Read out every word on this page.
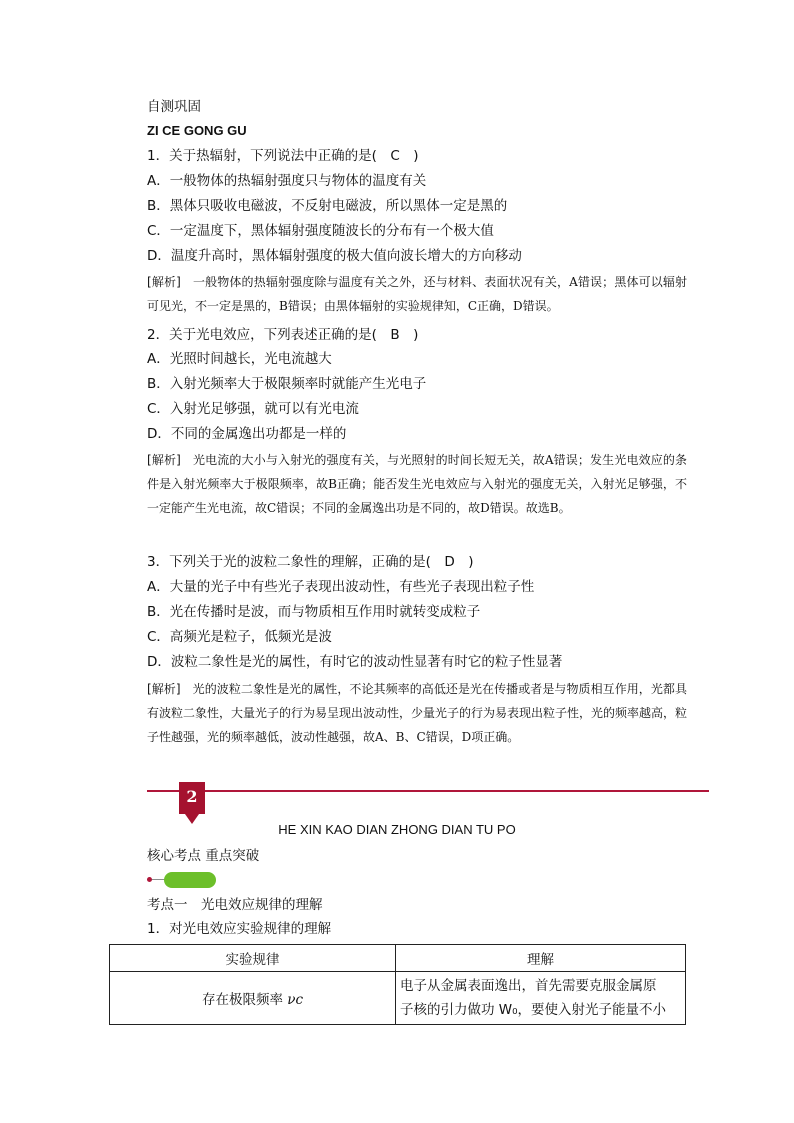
自测巩固
ZI CE GONG GU
1．关于热辐射，下列说法中正确的是(　C　)
A．一般物体的热辐射强度只与物体的温度有关
B．黑体只吸收电磁波，不反射电磁波，所以黑体一定是黑的
C．一定温度下，黑体辐射强度随波长的分布有一个极大值
D．温度升高时，黑体辐射强度的极大值向波长增大的方向移动
[解析]　 一般物体的热辐射强度除与温度有关之外，还与材料、表面状况有关，A错误；黑体可以辐射可见光，不一定是黑的，B错误；由黑体辐射的实验规律知，C正确，D错误。
2．关于光电效应，下列表述正确的是(　B　)
A．光照时间越长，光电流越大
B．入射光频率大于极限频率时就能产生光电子
C．入射光足够强，就可以有光电流
D．不同的金属逸出功都是一样的
[解析]　 光电流的大小与入射光的强度有关，与光照射的时间长短无关，故A错误；发生光电效应的条件是入射光频率大于极限频率，故B正确；能否发生光电效应与入射光的强度无关，入射光足够强，不一定能产生光电流，故C错误；不同的金属逸出功是不同的，故D错误。故选B。
3．下列关于光的波粒二象性的理解，正确的是(　D　)
A．大量的光子中有些光子表现出波动性，有些光子表现出粒子性
B．光在传播时是波，而与物质相互作用时就转变成粒子
C．高频光是粒子，低频光是波
D．波粒二象性是光的属性，有时它的波动性显著有时它的粒子性显著
[解析]　 光的波粒二象性是光的属性，不论其频率的高低还是光在传播或者是与物质相互作用，光都具有波粒二象性，大量光子的行为易呈现出波动性，少量光子的行为易表现出粒子性，光的频率越高，粒子性越强，光的频率越低，波动性越强，故A、B、C错误，D项正确。
2
HE XIN KAO DIAN ZHONG DIAN TU PO
核心考点 重点突破
考点一　光电效应规律的理解
1．对光电效应实验规律的理解
实验规律	理解
存在极限频率 νc	电子从金属表面逸出，首先需要克服金属原
子核的引力做功 W₀，要使入射光子能量不小
